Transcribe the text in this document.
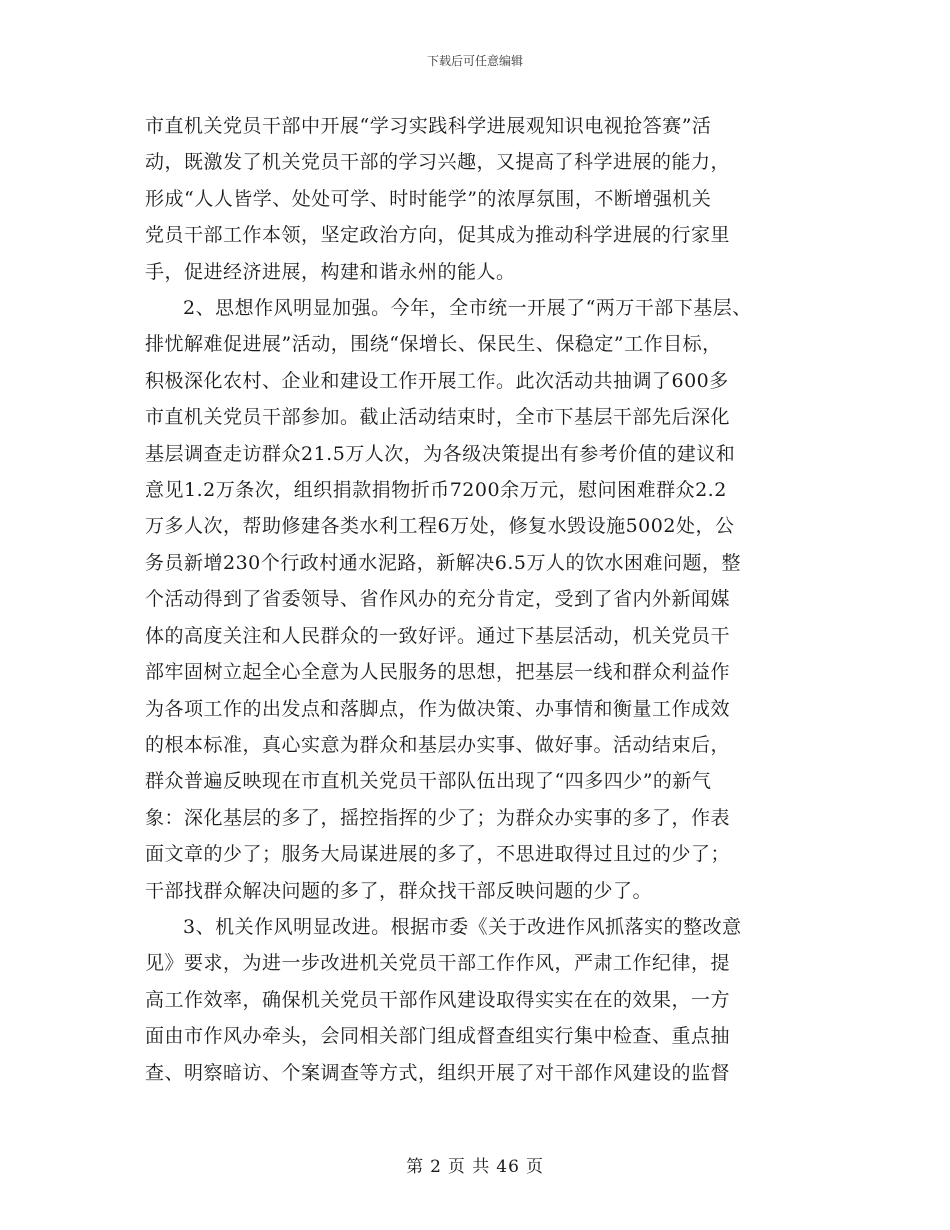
下载后可任意编辑

市直机关党员干部中开展“学习实践科学进展观知识电视抢答赛”活
动，既激发了机关党员干部的学习兴趣，又提高了科学进展的能力，
形成“人人皆学、处处可学、时时能学”的浓厚氛围，不断增强机关
党员干部工作本领，坚定政治方向，促其成为推动科学进展的行家里
手，促进经济进展，构建和谐永州的能人。

2、思想作风明显加强。今年，全市统一开展了“两万干部下基层、
排忧解难促进展”活动，围绕“保增长、保民生、保稳定”工作目标，
积极深化农村、企业和建设工作开展工作。此次活动共抽调了600多
市直机关党员干部参加。截止活动结束时，全市下基层干部先后深化
基层调查走访群众21.5万人次，为各级决策提出有参考价值的建议和
意见1.2万条次，组织捐款捐物折币7200余万元，慰问困难群众2.2
万多人次，帮助修建各类水利工程6万处，修复水毁设施5002处，公
务员新增230个行政村通水泥路，新解决6.5万人的饮水困难问题，整
个活动得到了省委领导、省作风办的充分肯定，受到了省内外新闻媒
体的高度关注和人民群众的一致好评。通过下基层活动，机关党员干
部牢固树立起全心全意为人民服务的思想，把基层一线和群众利益作
为各项工作的出发点和落脚点，作为做决策、办事情和衡量工作成效
的根本标准，真心实意为群众和基层办实事、做好事。活动结束后，
群众普遍反映现在市直机关党员干部队伍出现了“四多四少”的新气
象：深化基层的多了，摇控指挥的少了；为群众办实事的多了，作表
面文章的少了；服务大局谋进展的多了，不思进取得过且过的少了；
干部找群众解决问题的多了，群众找干部反映问题的少了。

3、机关作风明显改进。根据市委《关于改进作风抓落实的整改意
见》要求，为进一步改进机关党员干部工作作风，严肃工作纪律，提
高工作效率，确保机关党员干部作风建设取得实实在在的效果，一方
面由市作风办牵头，会同相关部门组成督查组实行集中检查、重点抽
查、明察暗访、个案调查等方式，组织开展了对干部作风建设的监督

第 2 页 共 46 页
